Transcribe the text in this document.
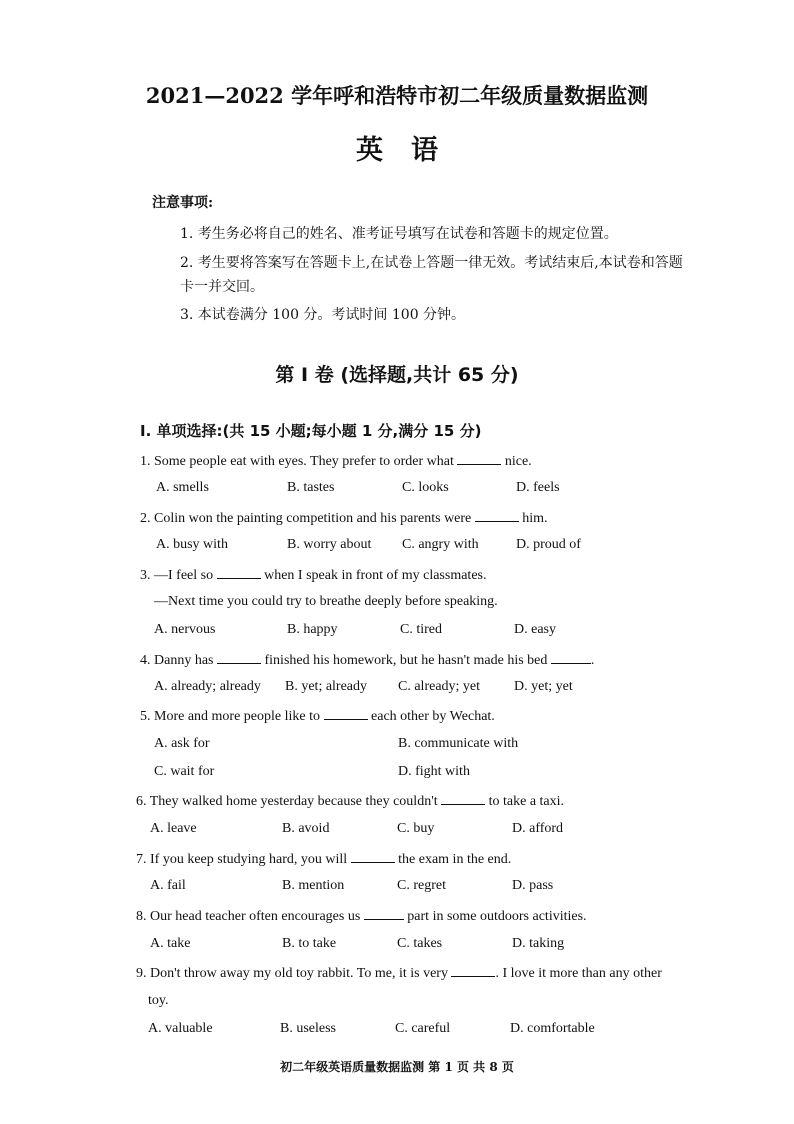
2021—2022 学年呼和浩特市初二年级质量数据监测
英语
注意事项:
1. 考生务必将自己的姓名、准考证号填写在试卷和答题卡的规定位置。
2. 考生要将答案写在答题卡上,在试卷上答题一律无效。考试结束后,本试卷和答题
卡一并交回。
3. 本试卷满分 100 分。考试时间 100 分钟。
第 I 卷 (选择题,共计 65 分)
I. 单项选择:(共 15 小题;每小题 1 分,满分 15 分)
1. Some people eat with eyes. They prefer to order what	nice.
A. smells	B. tastes	C. looks	D. feels
2. Colin won the painting competition and his parents were	him.
A. busy with	B. worry about C. angry with	D. proud of
3. —I feel so	when I speak in front of my classmates.
—Next time you could try to breathe deeply before speaking.
A. nervous	B. happy	C. tired	D. easy
4. Danny has	finished his homework, but he hasn't made his bed	.
A. already; already B. yet; already C. already; yet D. yet; yet
5. More and more people like to	each other by Wechat.
A. ask for	B. communicate with
C. wait for	D. fight with
6. They walked home yesterday because they couldn't	to take a taxi.
A. leave	B. avoid	C. buy	D. afford
7. If you keep studying hard, you will	the exam in the end.
A. fail	B. mention	C. regret	D. pass
8. Our head teacher often encourages us	part in some outdoors activities.
A. take	B. to take	C. takes	D. taking
9. Don't throw away my old toy rabbit. To me, it is very	. I love it more than any other
toy.
A. valuable	B. useless	C. careful	D. comfortable
初二年级英语质量数据监测 第 1 页 共 8 页
